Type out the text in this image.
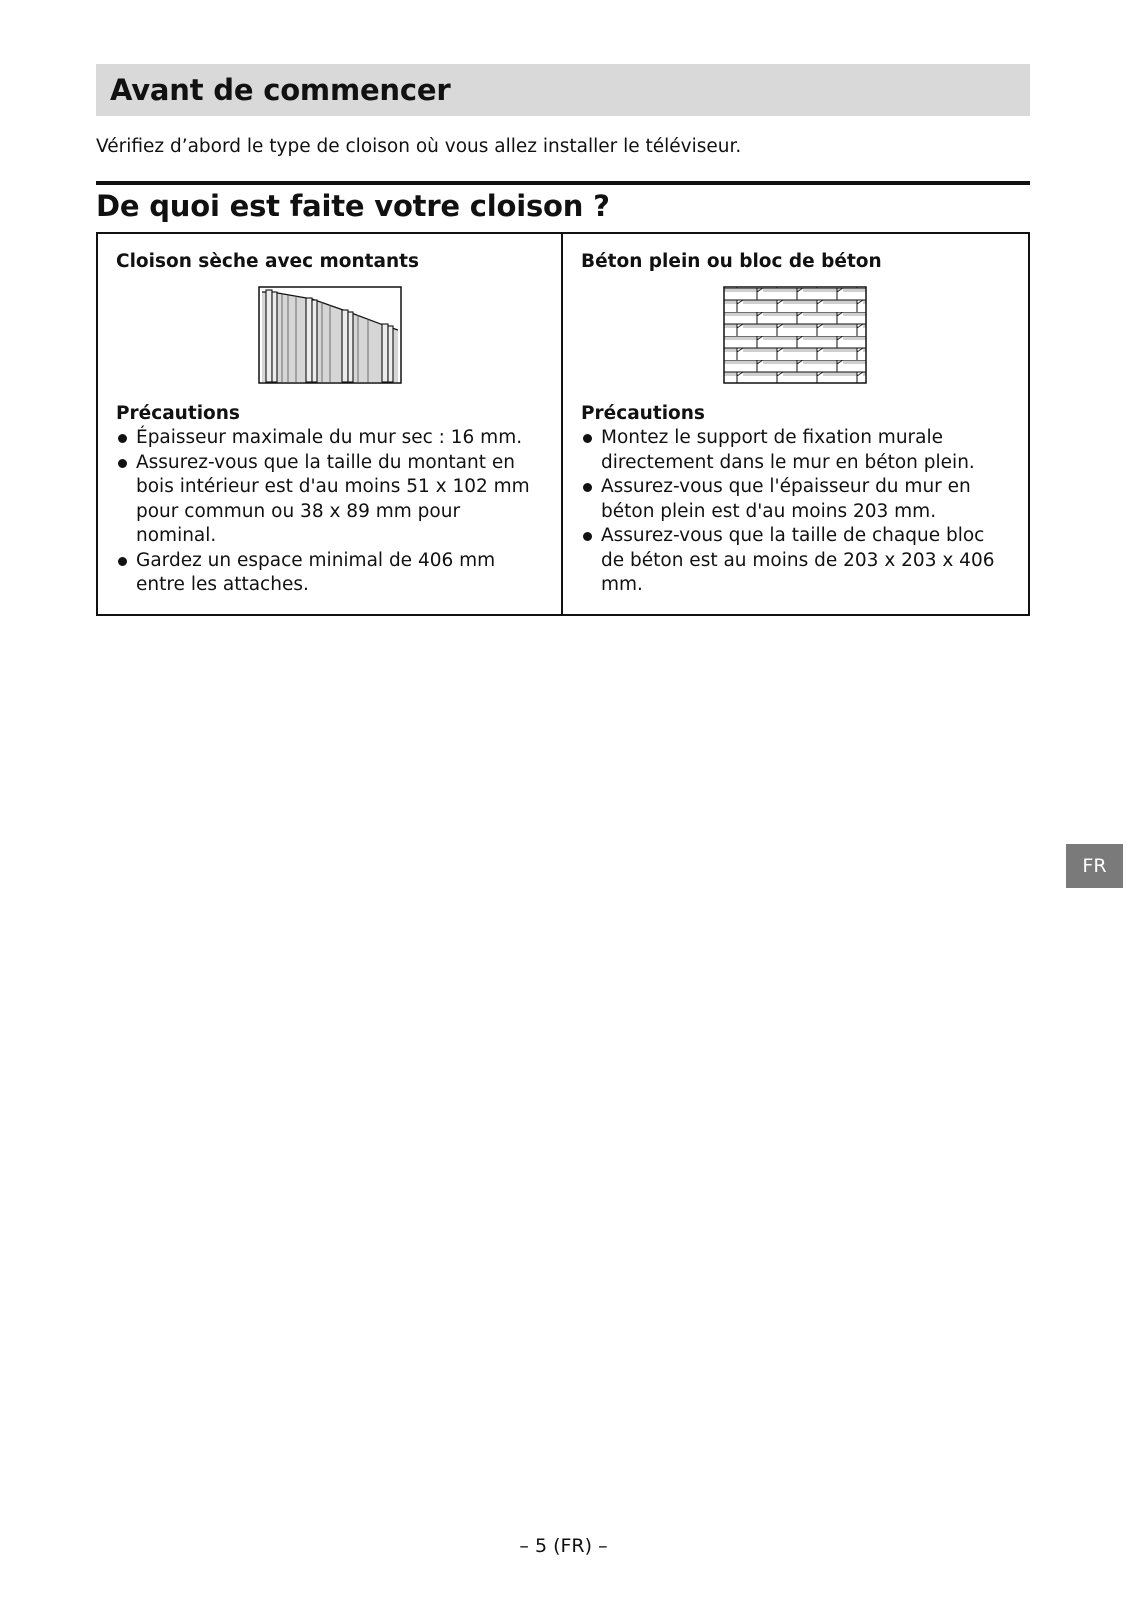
Avant de commencer

Vérifiez d’abord le type de cloison où vous allez installer le téléviseur.

De quoi est faite votre cloison ?
Cloison sèche avec montants
Précautions
Épaisseur maximale du mur sec : 16 mm.
Assurez-vous que la taille du montant en bois intérieur est d'au moins 51 x 102 mm pour commun ou 38 x 89 mm pour nominal.
Gardez un espace minimal de 406 mm entre les attaches.
Béton plein ou bloc de béton
Précautions
Montez le support de fixation murale directement dans le mur en béton plein.
Assurez-vous que l'épaisseur du mur en béton plein est d'au moins 203 mm.
Assurez-vous que la taille de chaque bloc de béton est au moins de 203 x 203 x 406 mm.
FR
– 5 (FR) –
